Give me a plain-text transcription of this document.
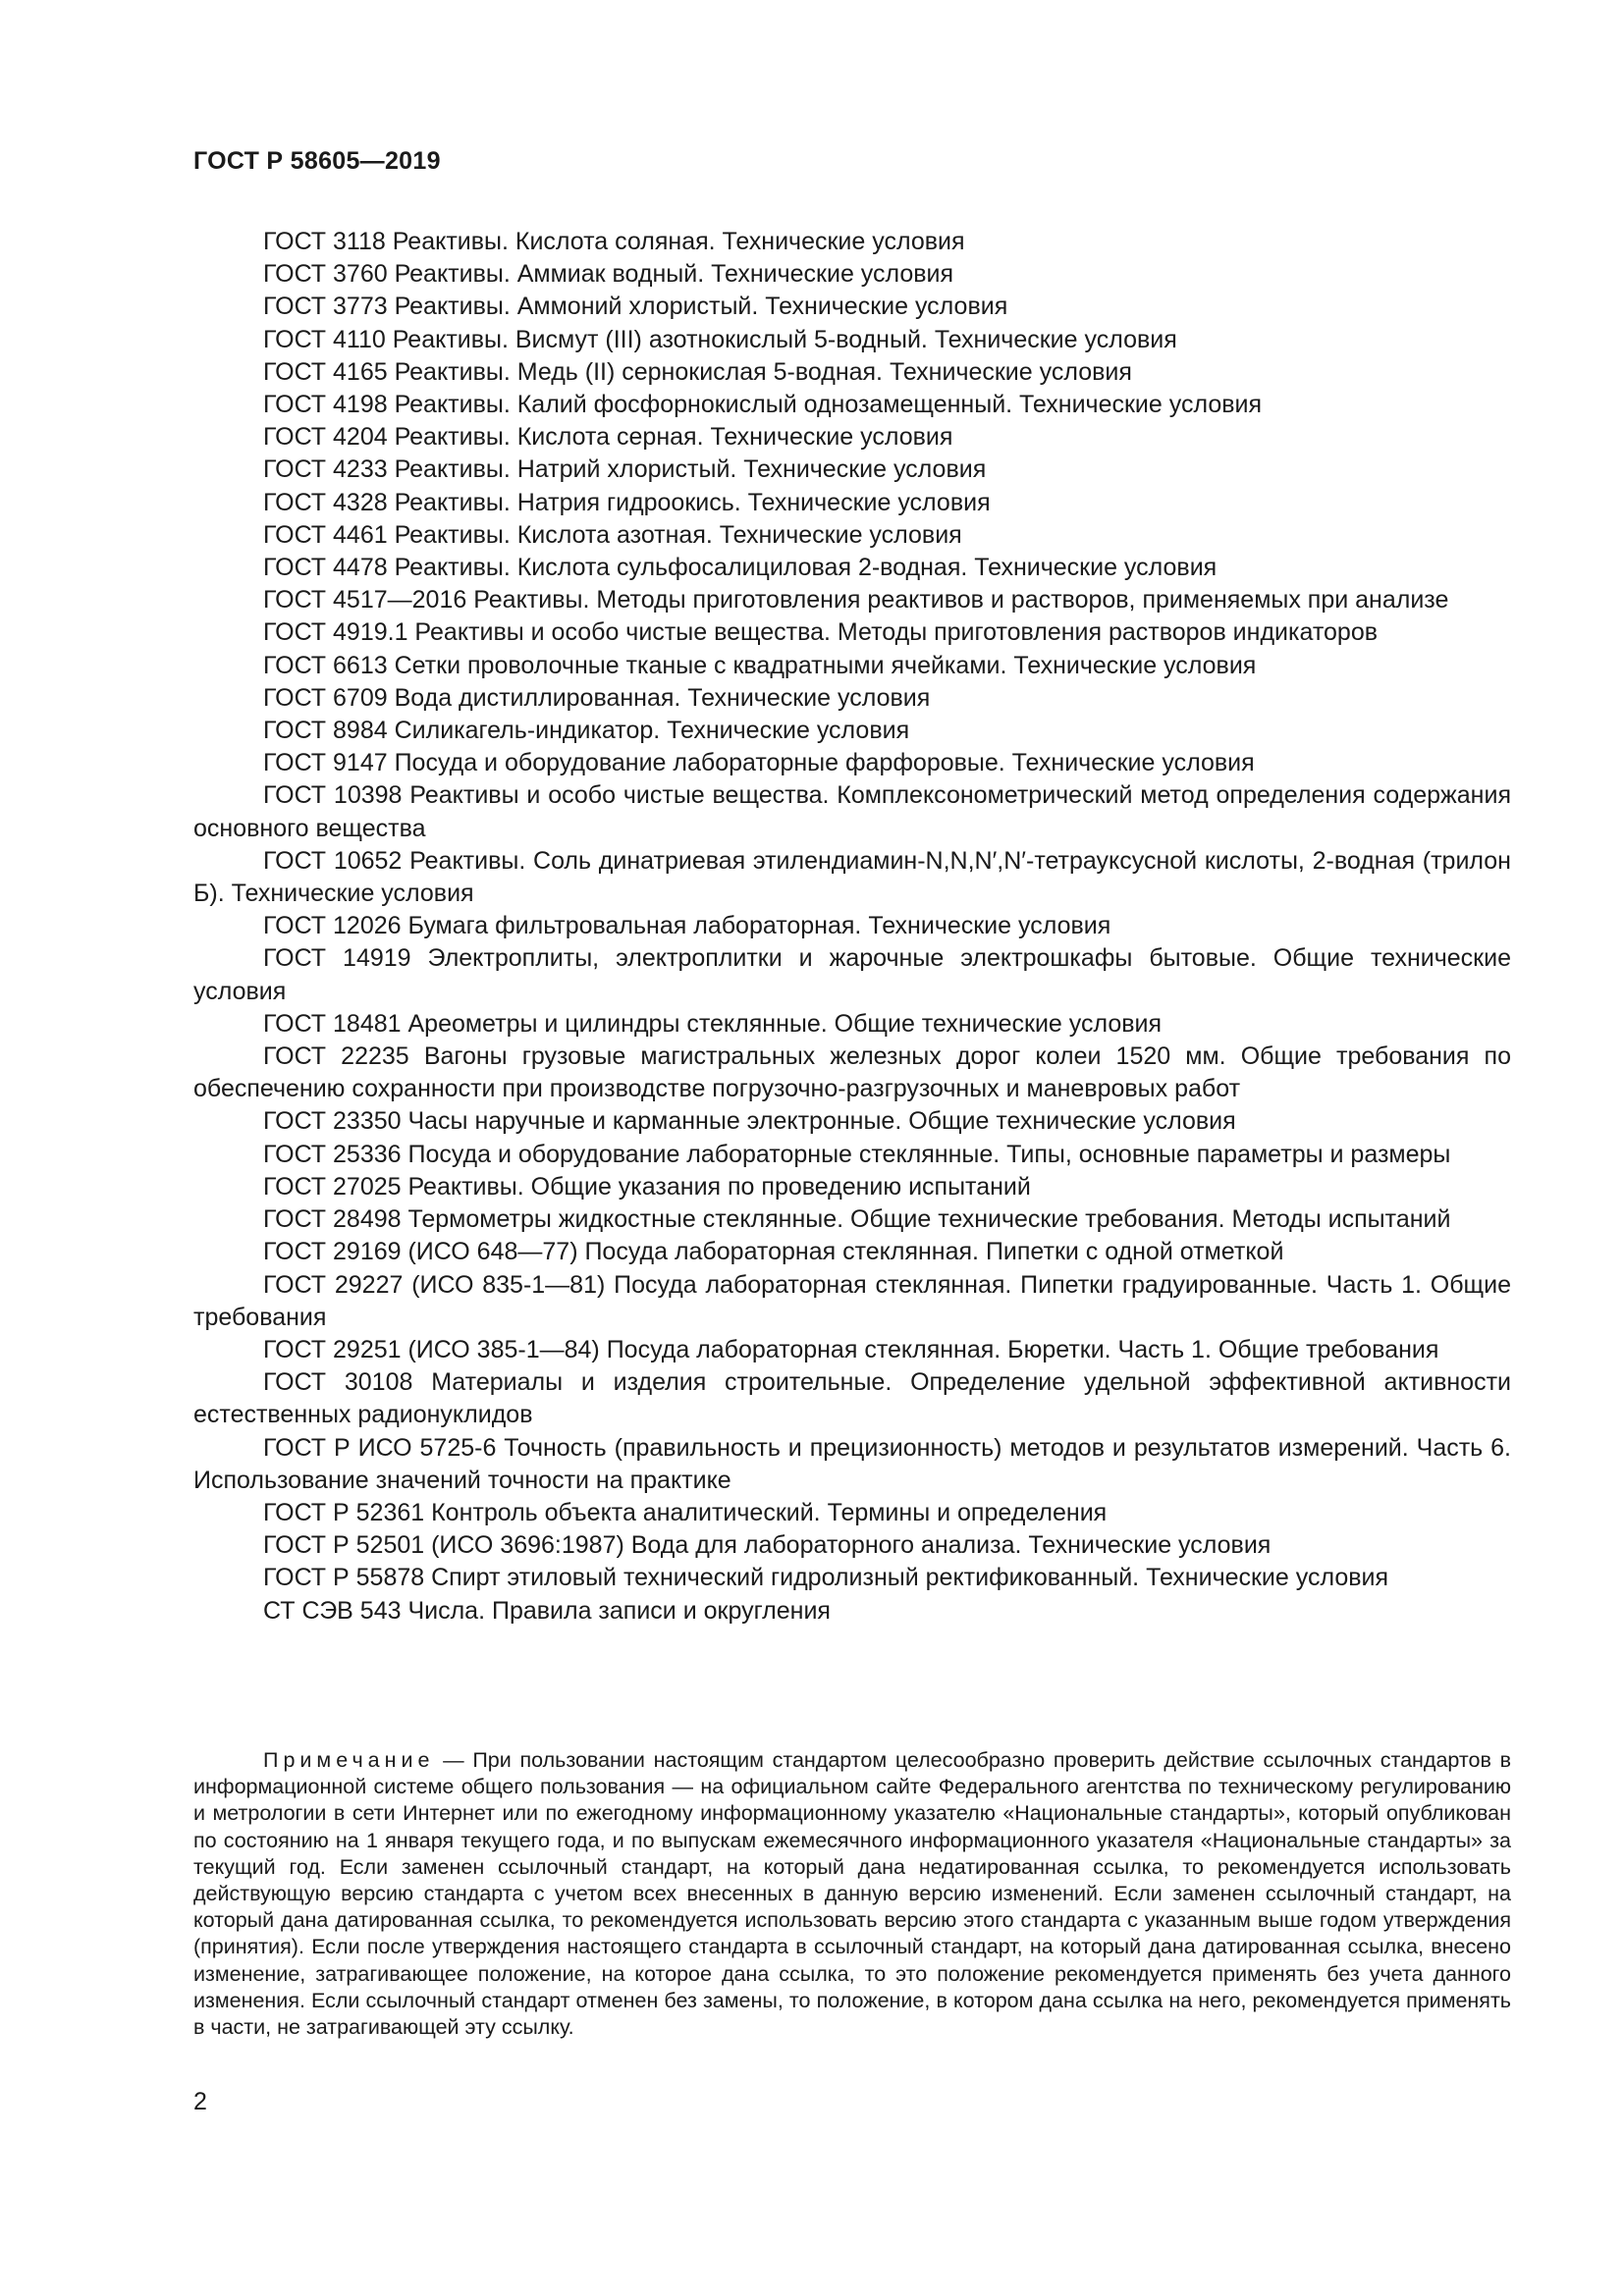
ГОСТ Р 58605—2019

ГОСТ 3118 Реактивы. Кислота соляная. Технические условия

ГОСТ 3760 Реактивы. Аммиак водный. Технические условия

ГОСТ 3773 Реактивы. Аммоний хлористый. Технические условия

ГОСТ 4110 Реактивы. Висмут (III) азотнокислый 5-водный. Технические условия

ГОСТ 4165 Реактивы. Медь (II) сернокислая 5-водная. Технические условия

ГОСТ 4198 Реактивы. Калий фосфорнокислый однозамещенный. Технические условия

ГОСТ 4204 Реактивы. Кислота серная. Технические условия

ГОСТ 4233 Реактивы. Натрий хлористый. Технические условия

ГОСТ 4328 Реактивы. Натрия гидроокись. Технические условия

ГОСТ 4461 Реактивы. Кислота азотная. Технические условия

ГОСТ 4478 Реактивы. Кислота сульфосалициловая 2-водная. Технические условия

ГОСТ 4517—2016 Реактивы. Методы приготовления реактивов и растворов, применяемых при анализе

ГОСТ 4919.1 Реактивы и особо чистые вещества. Методы приготовления растворов индикаторов

ГОСТ 6613 Сетки проволочные тканые с квадратными ячейками. Технические условия

ГОСТ 6709 Вода дистиллированная. Технические условия

ГОСТ 8984 Силикагель-индикатор. Технические условия

ГОСТ 9147 Посуда и оборудование лабораторные фарфоровые. Технические условия

ГОСТ 10398 Реактивы и особо чистые вещества. Комплексонометрический метод определения содержания основного вещества

ГОСТ 10652 Реактивы. Соль динатриевая этилендиамин-N,N,N′,N′-тетрауксусной кислоты, 2-водная (трилон Б). Технические условия

ГОСТ 12026 Бумага фильтровальная лабораторная. Технические условия

ГОСТ 14919 Электроплиты, электроплитки и жарочные электрошкафы бытовые. Общие технические условия

ГОСТ 18481 Ареометры и цилиндры стеклянные. Общие технические условия

ГОСТ 22235 Вагоны грузовые магистральных железных дорог колеи 1520 мм. Общие требования по обеспечению сохранности при производстве погрузочно-разгрузочных и маневровых работ

ГОСТ 23350 Часы наручные и карманные электронные. Общие технические условия

ГОСТ 25336 Посуда и оборудование лабораторные стеклянные. Типы, основные параметры и размеры

ГОСТ 27025 Реактивы. Общие указания по проведению испытаний

ГОСТ 28498 Термометры жидкостные стеклянные. Общие технические требования. Методы испытаний

ГОСТ 29169 (ИСО 648—77) Посуда лабораторная стеклянная. Пипетки с одной отметкой

ГОСТ 29227 (ИСО 835-1—81) Посуда лабораторная стеклянная. Пипетки градуированные. Часть 1. Общие требования

ГОСТ 29251 (ИСО 385-1—84) Посуда лабораторная стеклянная. Бюретки. Часть 1. Общие требования

ГОСТ 30108 Материалы и изделия строительные. Определение удельной эффективной активности естественных радионуклидов

ГОСТ Р ИСО 5725-6 Точность (правильность и прецизионность) методов и результатов измерений. Часть 6. Использование значений точности на практике

ГОСТ Р 52361 Контроль объекта аналитический. Термины и определения

ГОСТ Р 52501 (ИСО 3696:1987) Вода для лабораторного анализа. Технические условия

ГОСТ Р 55878 Спирт этиловый технический гидролизный ректификованный. Технические условия

СТ СЭВ 543 Числа. Правила записи и округления

Примечание — При пользовании настоящим стандартом целесообразно проверить действие ссылочных стандартов в информационной системе общего пользования — на официальном сайте Федерального агентства по техническому регулированию и метрологии в сети Интернет или по ежегодному информационному указателю «Национальные стандарты», который опубликован по состоянию на 1 января текущего года, и по выпускам ежемесячного информационного указателя «Национальные стандарты» за текущий год. Если заменен ссылочный стандарт, на который дана недатированная ссылка, то рекомендуется использовать действующую версию стандарта с учетом всех внесенных в данную версию изменений. Если заменен ссылочный стандарт, на который дана датированная ссылка, то рекомендуется использовать версию этого стандарта с указанным выше годом утверждения (принятия). Если после утверждения настоящего стандарта в ссылочный стандарт, на который дана датированная ссылка, внесено изменение, затрагивающее положение, на которое дана ссылка, то это положение рекомендуется применять без учета данного изменения. Если ссылочный стандарт отменен без замены, то положение, в котором дана ссылка на него, рекомендуется применять в части, не затрагивающей эту ссылку.

2
